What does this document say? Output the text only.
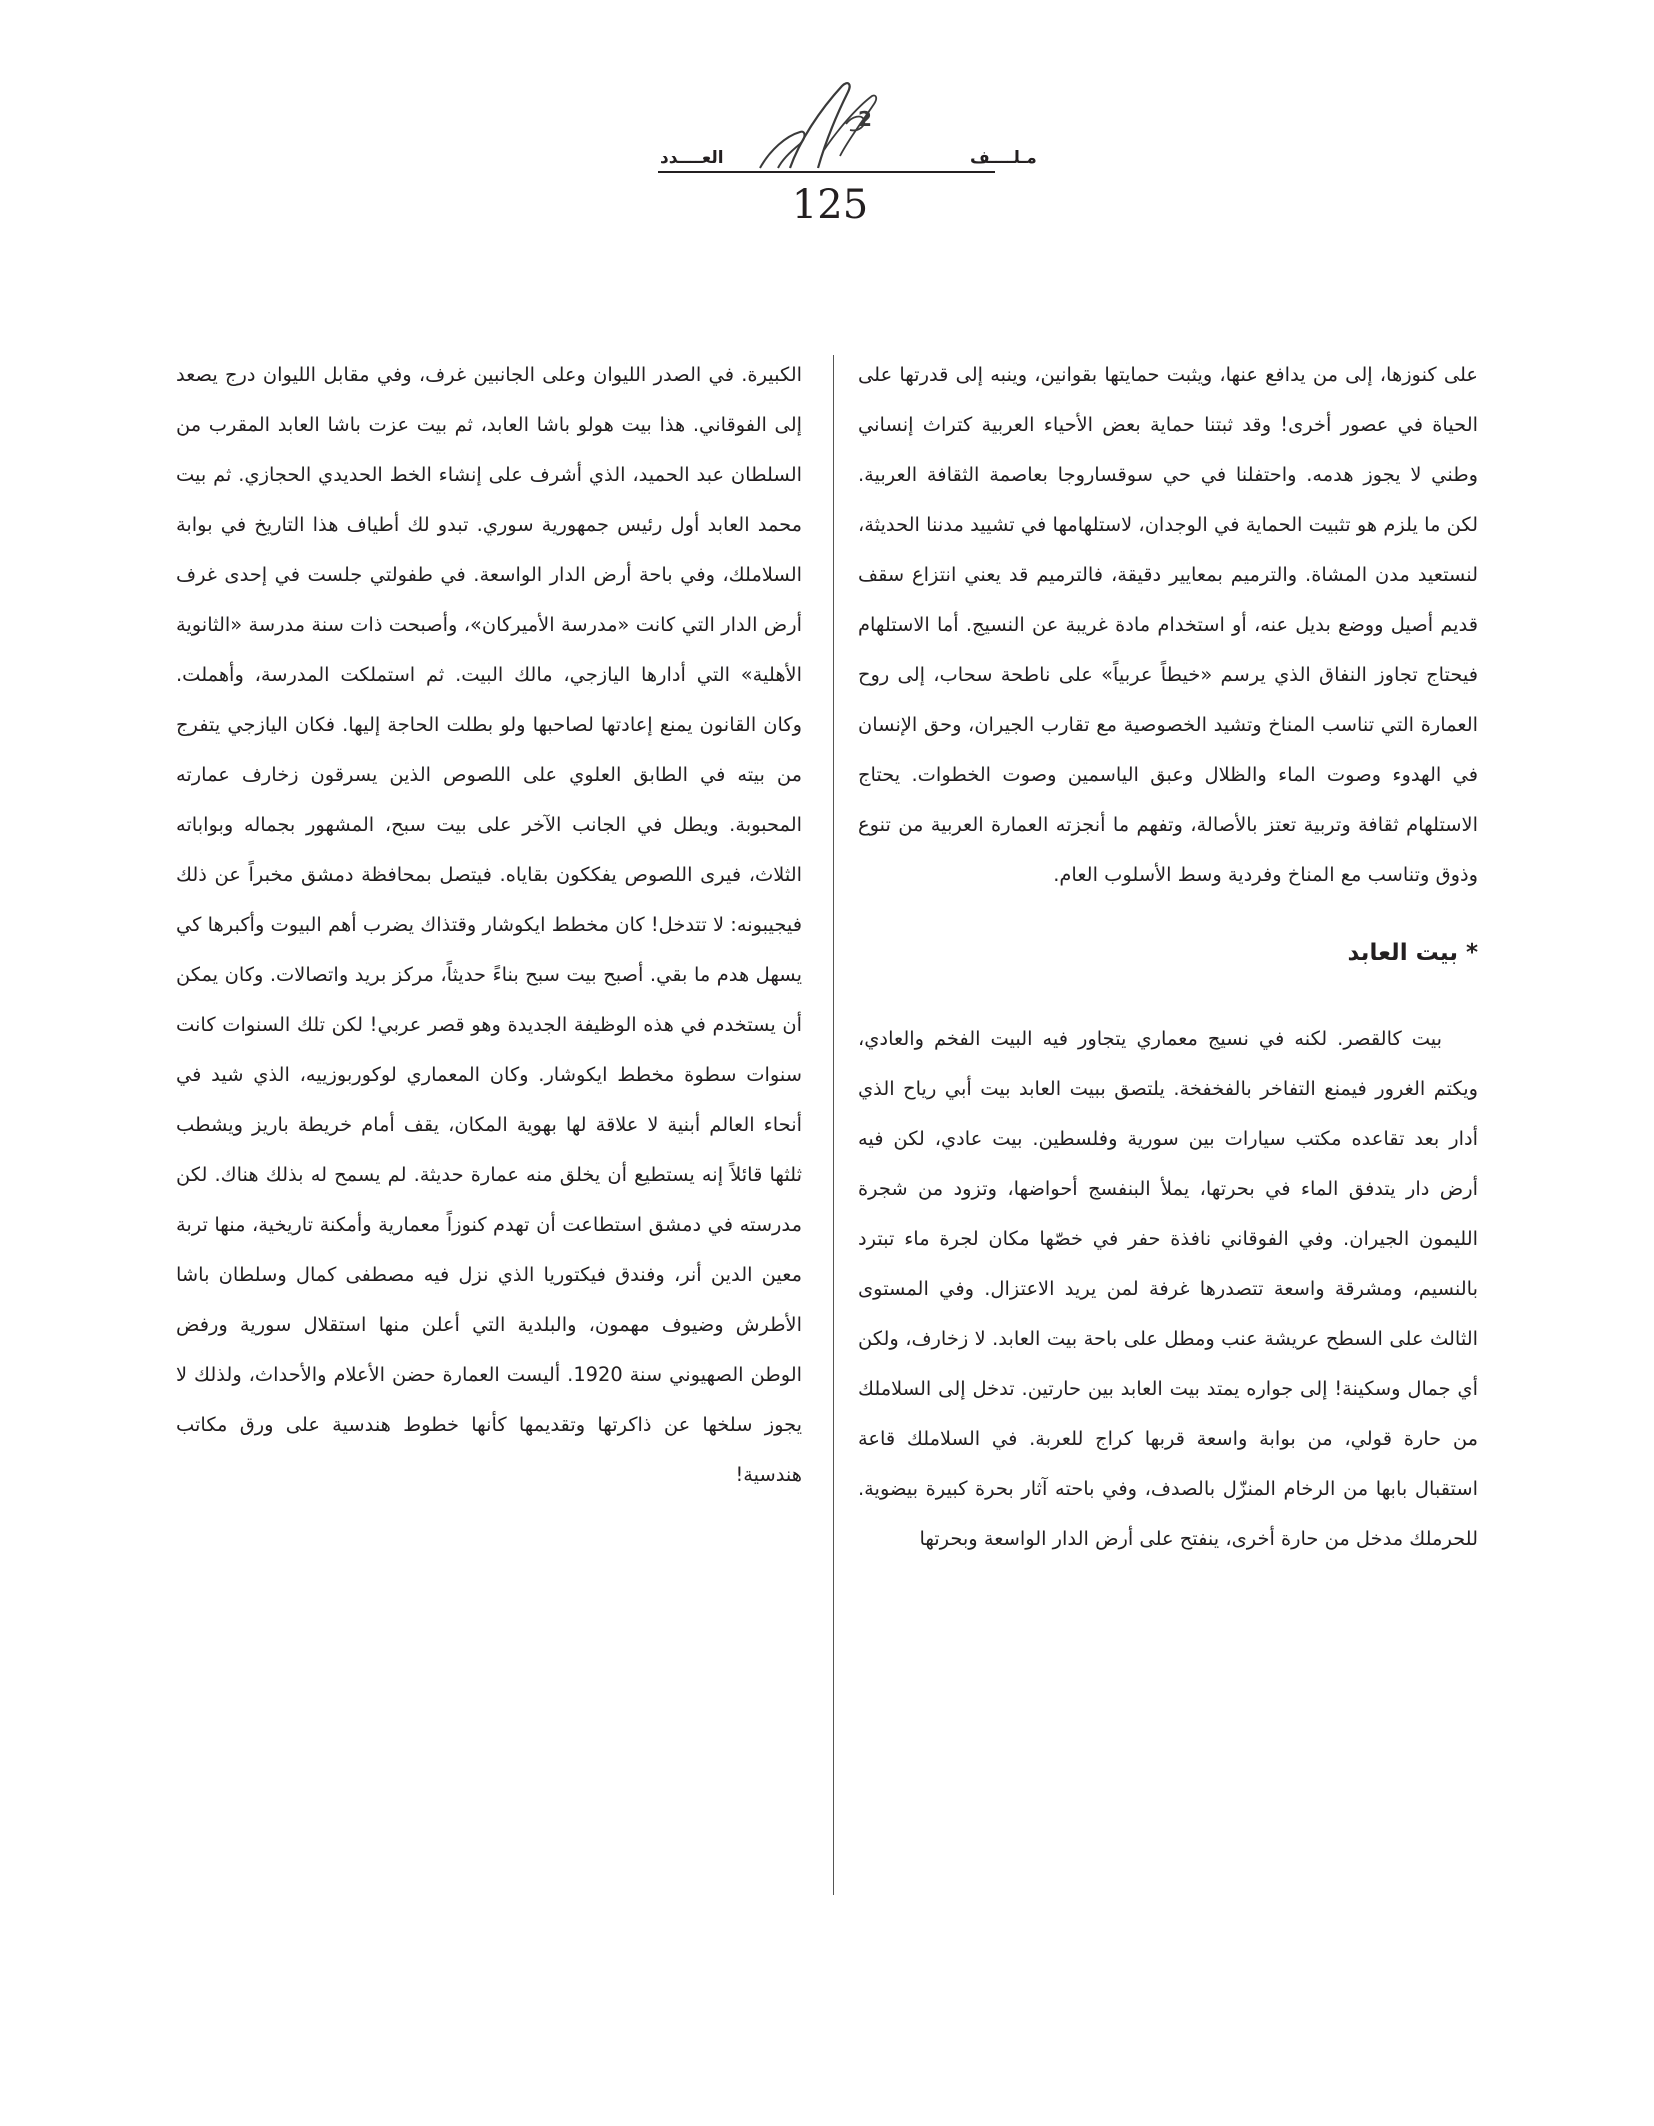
2
العــــدد	مـلــــف
125

على كنوزها، إلى من يدافع عنها، ويثبت حمايتها بقوانين، وينبه إلى قدرتها على الحياة في عصور أخرى! وقد ثبتنا حماية بعض الأحياء العربية كتراث إنساني وطني لا يجوز هدمه. واحتفلنا في حي سوقساروجا بعاصمة الثقافة العربية. لكن ما يلزم هو تثبيت الحماية في الوجدان، لاستلهامها في تشييد مدننا الحديثة، لنستعيد مدن المشاة. والترميم بمعايير دقيقة، فالترميم قد يعني انتزاع سقف قديم أصيل ووضع بديل عنه، أو استخدام مادة غريبة عن النسيج. أما الاستلهام فيحتاج تجاوز النفاق الذي يرسم «خيطاً عربياً» على ناطحة سحاب، إلى روح العمارة التي تناسب المناخ وتشيد الخصوصية مع تقارب الجيران، وحق الإنسان في الهدوء وصوت الماء والظلال وعبق الياسمين وصوت الخطوات. يحتاج الاستلهام ثقافة وتربية تعتز بالأصالة، وتفهم ما أنجزته العمارة العربية من تنوع وذوق وتناسب مع المناخ وفردية وسط الأسلوب العام.

* بيت العابد

بيت كالقصر. لكنه في نسيج معماري يتجاور فيه البيت الفخم والعادي، ويكتم الغرور فيمنع التفاخر بالفخفخة. يلتصق ببيت العابد بيت أبي رياح الذي أدار بعد تقاعده مكتب سيارات بين سورية وفلسطين. بيت عادي، لكن فيه أرض دار يتدفق الماء في بحرتها، يملأ البنفسج أحواضها، وتزود من شجرة الليمون الجيران. وفي الفوقاني نافذة حفر في خصّها مكان لجرة ماء تبترد بالنسيم، ومشرقة واسعة تتصدرها غرفة لمن يريد الاعتزال. وفي المستوى الثالث على السطح عريشة عنب ومطل على باحة بيت العابد. لا زخارف، ولكن أي جمال وسكينة! إلى جواره يمتد بيت العابد بين حارتين. تدخل إلى السلاملك من حارة قولي، من بوابة واسعة قربها كراج للعربة. في السلاملك قاعة استقبال بابها من الرخام المنزّل بالصدف، وفي باحته آثار بحرة كبيرة بيضوية. للحرملك مدخل من حارة أخرى، ينفتح على أرض الدار الواسعة وبحرتها

الكبيرة. في الصدر الليوان وعلى الجانبين غرف، وفي مقابل الليوان درج يصعد إلى الفوقاني. هذا بيت هولو باشا العابد، ثم بيت عزت باشا العابد المقرب من السلطان عبد الحميد، الذي أشرف على إنشاء الخط الحديدي الحجازي. ثم بيت محمد العابد أول رئيس جمهورية سوري. تبدو لك أطياف هذا التاريخ في بوابة السلاملك، وفي باحة أرض الدار الواسعة. في طفولتي جلست في إحدى غرف أرض الدار التي كانت «مدرسة الأميركان»، وأصبحت ذات سنة مدرسة «الثانوية الأهلية» التي أدارها اليازجي، مالك البيت. ثم استملكت المدرسة، وأهملت. وكان القانون يمنع إعادتها لصاحبها ولو بطلت الحاجة إليها. فكان اليازجي يتفرج من بيته في الطابق العلوي على اللصوص الذين يسرقون زخارف عمارته المحبوبة. ويطل في الجانب الآخر على بيت سبح، المشهور بجماله وبواباته الثلاث، فيرى اللصوص يفككون بقاياه. فيتصل بمحافظة دمشق مخبراً عن ذلك فيجيبونه: لا تتدخل! كان مخطط ايكوشار وقتذاك يضرب أهم البيوت وأكبرها كي يسهل هدم ما بقي. أصبح بيت سبح بناءً حديثاً، مركز بريد واتصالات. وكان يمكن أن يستخدم في هذه الوظيفة الجديدة وهو قصر عربي! لكن تلك السنوات كانت سنوات سطوة مخطط ايكوشار. وكان المعماري لوكوربوزييه، الذي شيد في أنحاء العالم أبنية لا علاقة لها بهوية المكان، يقف أمام خريطة باريز ويشطب ثلثها قائلاً إنه يستطيع أن يخلق منه عمارة حديثة. لم يسمح له بذلك هناك. لكن مدرسته في دمشق استطاعت أن تهدم كنوزاً معمارية وأمكنة تاريخية، منها تربة معين الدين أنر، وفندق فيكتوريا الذي نزل فيه مصطفى كمال وسلطان باشا الأطرش وضيوف مهمون، والبلدية التي أعلن منها استقلال سورية ورفض الوطن الصهيوني سنة 1920. أليست العمارة حضن الأعلام والأحداث، ولذلك لا يجوز سلخها عن ذاكرتها وتقديمها كأنها خطوط هندسية على ورق مكاتب هندسية!
